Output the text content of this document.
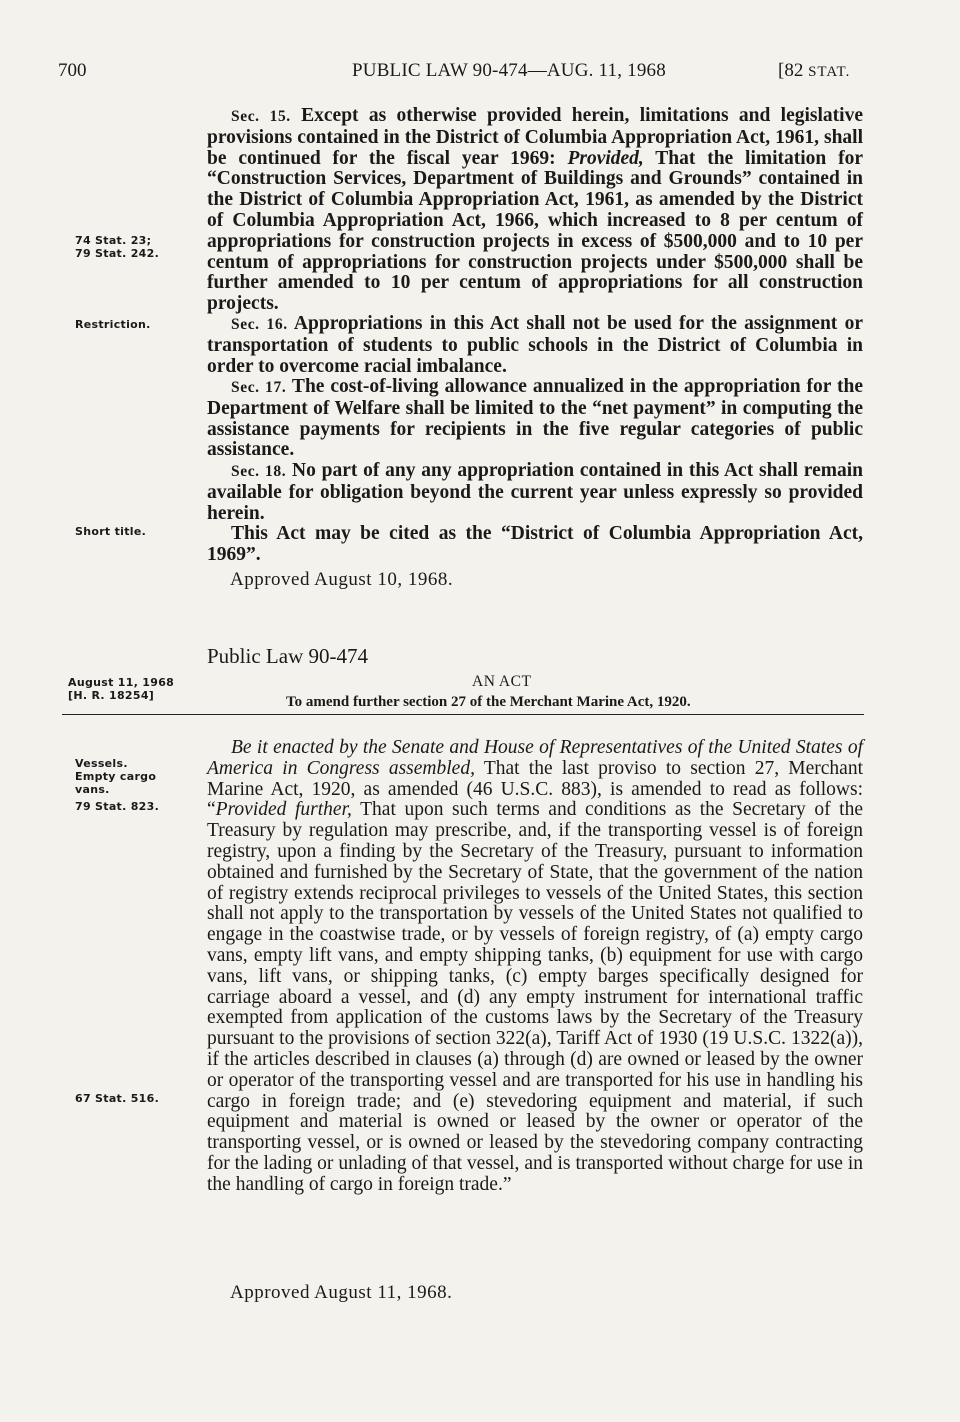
700	PUBLIC LAW 90-474—AUG. 11, 1968	[82 STAT.
74 Stat. 23;
79 Stat. 242.
Restriction.
Short title.
August 11, 1968
[H. R. 18254]
Vessels.
Empty cargo
vans.
79 Stat. 823.
67 Stat. 516.

Sec. 15. Except as otherwise provided herein, limitations and legislative provisions contained in the District of Columbia Appropriation Act, 1961, shall be continued for the fiscal year 1969: Provided, That the limitation for “Construction Services, Department of Buildings and Grounds” contained in the District of Columbia Appropriation Act, 1961, as amended by the District of Columbia Appropriation Act, 1966, which increased to 8 per centum of appropriations for construction projects in excess of $500,000 and to 10 per centum of appropriations for construction projects under $500,000 shall be further amended to 10 per centum of appropriations for all construction projects.

Sec. 16. Appropriations in this Act shall not be used for the assignment or transportation of students to public schools in the District of Columbia in order to overcome racial imbalance.

Sec. 17. The cost-of-living allowance annualized in the appropriation for the Department of Welfare shall be limited to the “net payment” in computing the assistance payments for recipients in the five regular categories of public assistance.

Sec. 18. No part of any any appropriation contained in this Act shall remain available for obligation beyond the current year unless expressly so provided herein.

This Act may be cited as the “District of Columbia Appropriation Act, 1969”.

Approved August 10, 1968.
Public Law 90-474
AN ACT
To amend further section 27 of the Merchant Marine Act, 1920.

Be it enacted by the Senate and House of Representatives of the United States of America in Congress assembled, That the last proviso to section 27, Merchant Marine Act, 1920, as amended (46 U.S.C. 883), is amended to read as follows: “Provided further, That upon such terms and conditions as the Secretary of the Treasury by regulation may prescribe, and, if the transporting vessel is of foreign registry, upon a finding by the Secretary of the Treasury, pursuant to information obtained and furnished by the Secretary of State, that the government of the nation of registry extends reciprocal privileges to vessels of the United States, this section shall not apply to the transportation by vessels of the United States not qualified to engage in the coastwise trade, or by vessels of foreign registry, of (a) empty cargo vans, empty lift vans, and empty shipping tanks, (b) equipment for use with cargo vans, lift vans, or shipping tanks, (c) empty barges specifically designed for carriage aboard a vessel, and (d) any empty instrument for international traffic exempted from application of the customs laws by the Secretary of the Treasury pursuant to the provisions of section 322(a), Tariff Act of 1930 (19 U.S.C. 1322(a)), if the articles described in clauses (a) through (d) are owned or leased by the owner or operator of the transporting vessel and are transported for his use in handling his cargo in foreign trade; and (e) stevedoring equipment and material, if such equipment and material is owned or leased by the owner or operator of the transporting vessel, or is owned or leased by the stevedoring company contracting for the lading or unlading of that vessel, and is transported without charge for use in the handling of cargo in foreign trade.”

Approved August 11, 1968.
